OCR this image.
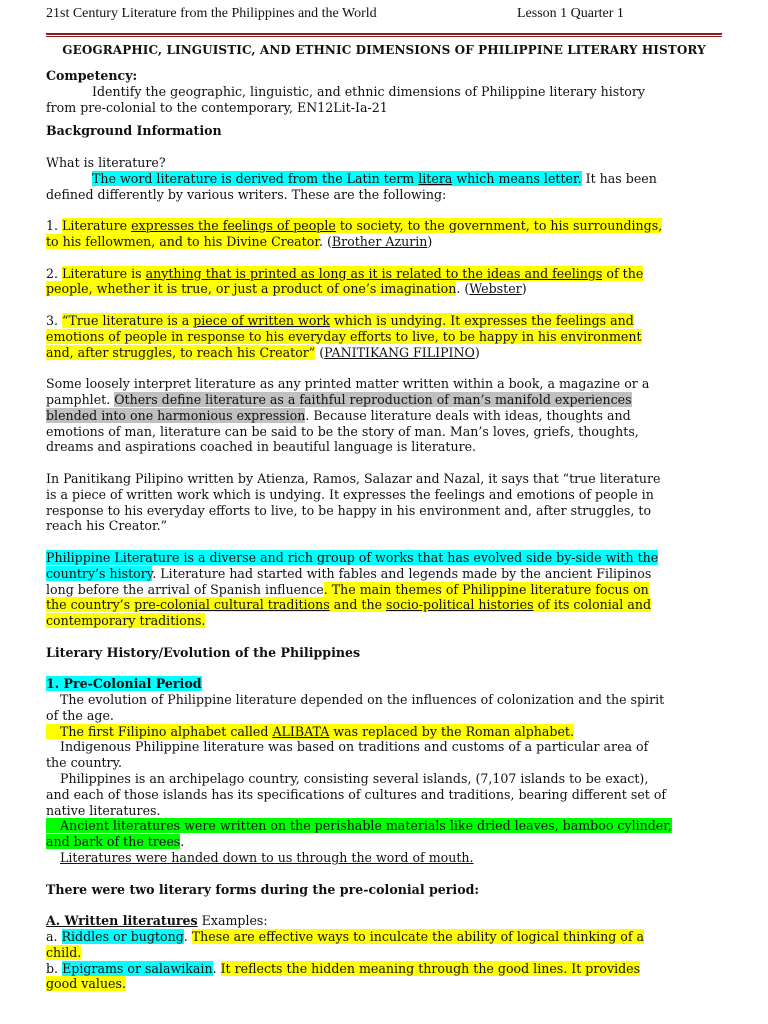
21st Century Literature from the Philippines and the World	Lesson 1 Quarter 1
GEOGRAPHIC, LINGUISTIC, AND ETHNIC DIMENSIONS OF PHILIPPINE LITERARY HISTORY

Competency:

Identify the geographic, linguistic, and ethnic dimensions of Philippine literary history

from pre-colonial to the contemporary, EN12Lit-Ia-21

Background Information

What is literature?

The word literature is derived from the Latin term litera which means letter. It has been

defined differently by various writers. These are the following:

1. Literature expresses the feelings of people to society, to the government, to his surroundings,

to his fellowmen, and to his Divine Creator. (Brother Azurin)

2. Literature is anything that is printed as long as it is related to the ideas and feelings of the

people, whether it is true, or just a product of one’s imagination. (Webster)

3. “True literature is a piece of written work which is undying. It expresses the feelings and

emotions of people in response to his everyday efforts to live, to be happy in his environment

and, after struggles, to reach his Creator” (PANITIKANG FILIPINO)

Some loosely interpret literature as any printed matter written within a book, a magazine or a

pamphlet. Others define literature as a faithful reproduction of man’s manifold experiences

blended into one harmonious expression. Because literature deals with ideas, thoughts and

emotions of man, literature can be said to be the story of man. Man’s loves, griefs, thoughts,

dreams and aspirations coached in beautiful language is literature.

In Panitikang Pilipino written by Atienza, Ramos, Salazar and Nazal, it says that “true literature

is a piece of written work which is undying. It expresses the feelings and emotions of people in

response to his everyday efforts to live, to be happy in his environment and, after struggles, to

reach his Creator.”

Philippine Literature is a diverse and rich group of works that has evolved side by-side with the

country’s history. Literature had started with fables and legends made by the ancient Filipinos

long before the arrival of Spanish influence. The main themes of Philippine literature focus on

the country’s pre-colonial cultural traditions and the socio-political histories of its colonial and

contemporary traditions.

Literary History/Evolution of the Philippines

1. Pre-Colonial Period

The evolution of Philippine literature depended on the influences of colonization and the spirit

of the age.

The first Filipino alphabet called ALIBATA was replaced by the Roman alphabet.

Indigenous Philippine literature was based on traditions and customs of a particular area of

the country.

Philippines is an archipelago country, consisting several islands, (7,107 islands to be exact),

and each of those islands has its specifications of cultures and traditions, bearing different set of

native literatures.

Ancient literatures were written on the perishable materials like dried leaves, bamboo cylinder,

and bark of the trees.

Literatures were handed down to us through the word of mouth.

There were two literary forms during the pre-colonial period:

A. Written literatures Examples:

a. Riddles or bugtong. These are effective ways to inculcate the ability of logical thinking of a

child.

b. Epigrams or salawikain. It reflects the hidden meaning through the good lines. It provides

good values.
